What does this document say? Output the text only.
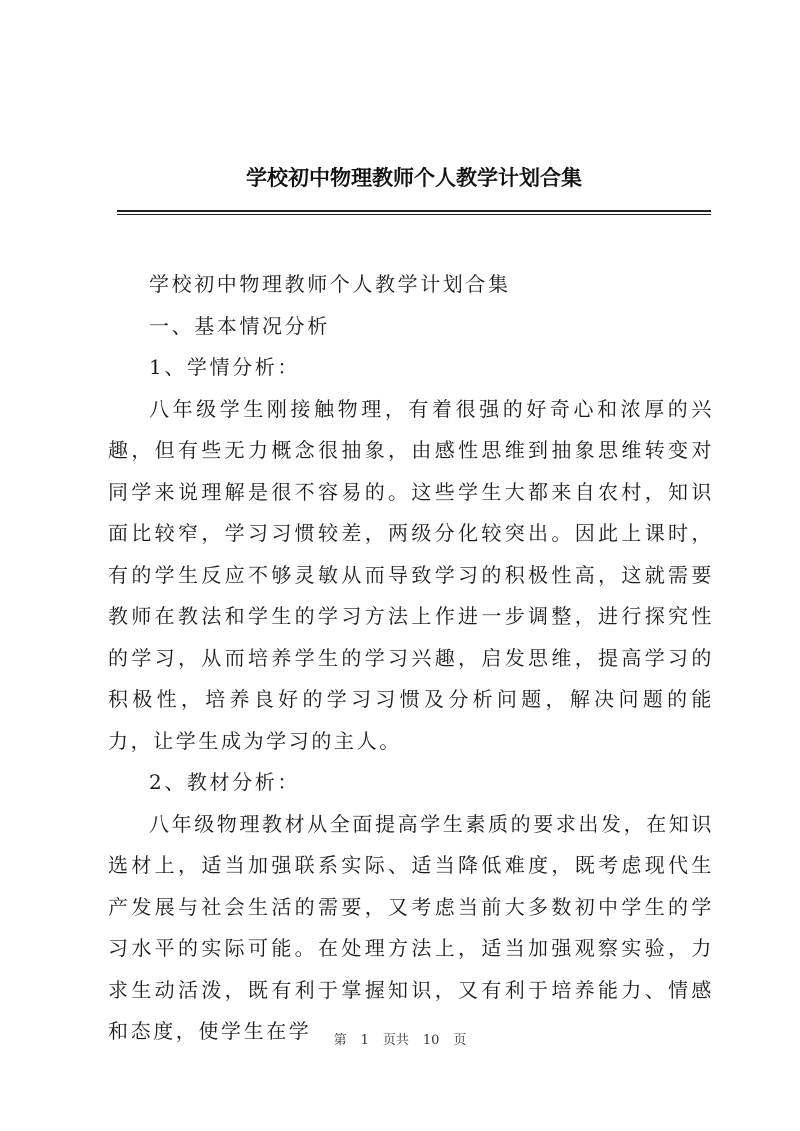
学校初中物理教师个人教学计划合集

学校初中物理教师个人教学计划合集

一、基本情况分析

1、学情分析：

八年级学生刚接触物理，有着很强的好奇心和浓厚的兴趣，但有些无力概念很抽象，由感性思维到抽象思维转变对同学来说理解是很不容易的。这些学生大都来自农村，知识面比较窄，学习习惯较差，两级分化较突出。因此上课时，有的学生反应不够灵敏从而导致学习的积极性高，这就需要教师在教法和学生的学习方法上作进一步调整，进行探究性的学习，从而培养学生的学习兴趣，启发思维，提高学习的积极性，培养良好的学习习惯及分析问题，解决问题的能力，让学生成为学习的主人。

2、教材分析：

八年级物理教材从全面提高学生素质的要求出发，在知识选材上，适当加强联系实际、适当降低难度，既考虑现代生产发展与社会生活的需要，又考虑当前大多数初中学生的学习水平的实际可能。在处理方法上，适当加强观察实验，力求生动活泼，既有利于掌握知识，又有利于培养能力、情感和态度，使学生在学	第 1 页共 10 页
